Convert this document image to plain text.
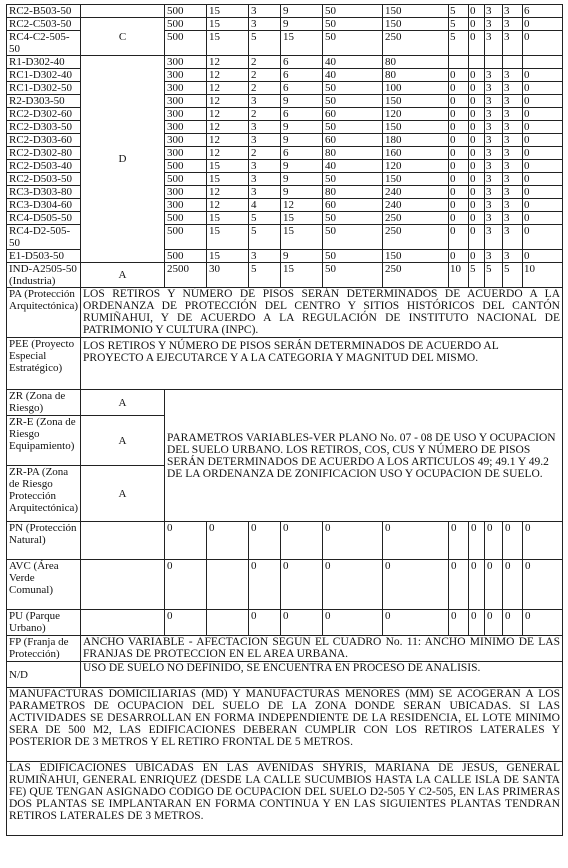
RC2-B503-50		500	15	3	9	50	150	5	0	3	3	6
RC2-C503-50	C	500	15	3	9	50	150	5	0	3	3	0
RC4-C2-505-50		500	15	5	15	50	250	5	0	3	3	0
R1-D302-40	D	300	12	2	6	40	80					
RC1-D302-40		300	12	2	6	40	80	0	0	3	3	0
RC1-D302-50		300	12	2	6	50	100	0	0	3	3	0
R2-D303-50		300	12	3	9	50	150	0	0	3	3	0
RC2-D302-60		300	12	2	6	60	120	0	0	3	3	0
RC2-D303-50		300	12	3	9	50	150	0	0	3	3	0
RC2-D303-60		300	12	3	9	60	180	0	0	3	3	0
RC2-D302-80		300	12	2	6	80	160	0	0	3	3	0
RC2-D503-40		500	15	3	9	40	120	0	0	3	3	0
RC2-D503-50		500	15	3	9	50	150	0	0	3	3	0
RC3-D303-80		300	12	3	9	80	240	0	0	3	3	0
RC3-D304-60		300	12	4	12	60	240	0	0	3	3	0
RC4-D505-50		500	15	5	15	50	250	0	0	3	3	0
RC4-D2-505-50		500	15	5	15	50	250	0	0	3	3	0
E1-D503-50		500	15	3	9	50	150	0	0	3	3	0
IND-A2505-50 (Industria)	A	2500	30	5	15	50	250	10	5	5	5	10
PA (Protección Arquitectónica)	LOS RETIROS Y NÚMERO DE PISOS SERÁN DETERMINADOS DE ACUERDO A LA ORDENANZA DE PROTECCIÓN DEL CENTRO Y SITIOS HISTÓRICOS DEL CANTÓN RUMIÑAHUI, Y DE ACUERDO A LA REGULACIÓN DE INSTITUTO NACIONAL DE PATRIMONIO Y CULTURA (INPC).											
PEE (Proyecto Especial Estratégico)	LOS RETIROS Y NÚMERO DE PISOS SERÁN DETERMINADOS DE ACUERDO AL PROYECTO A EJECUTARCE Y A LA CATEGORIA Y MAGNITUD DEL MISMO.											
ZR (Zona de Riesgo)	A	PARAMETROS VARIABLES-VER PLANO No. 07 - 08 DE USO Y OCUPACION DEL SUELO URBANO. LOS RETIROS, COS, CUS Y NÚMERO DE PISOS SERÁN DETERMINADOS DE ACUERDO A LOS ARTICULOS 49; 49.1 Y 49.2 DE LA ORDENANZA DE ZONIFICACION USO Y OCUPACION DE SUELO.										
ZR-E (Zona de Riesgo Equipamiento)	A											
ZR-PA (Zona de Riesgo Protección Arquitectónica)	A											
PN (Protección Natural)		0	0	0	0	0	0	0	0	0	0	0
AVC (Área Verde Comunal)		0		0	0	0	0	0	0	0	0	0
PU (Parque Urbano)		0		0	0	0	0	0	0	0	0	0
FP (Franja de Protección)	ANCHO VARIABLE - AFECTACION SEGÚN EL CUADRO No. 11: ANCHO MINIMO DE LAS FRANJAS DE PROTECCION EN EL AREA URBANA.											
N/D	USO DE SUELO NO DEFINIDO, SE ENCUENTRA EN PROCESO DE ANALISIS.											
MANUFACTURAS DOMICILIARIAS (MD) Y MANUFACTURAS MENORES (MM) SE ACOGERAN A LOS PARAMETROS DE OCUPACION DEL SUELO DE LA ZONA DONDE SERAN UBICADAS. SI LAS ACTIVIDADES SE DESARROLLAN EN FORMA INDEPENDIENTE DE LA RESIDENCIA, EL LOTE MINIMO SERA DE 500 M2, LAS EDIFICACIONES DEBERAN CUMPLIR CON LOS RETIROS LATERALES Y POSTERIOR DE 3 METROS Y EL RETIRO FRONTAL DE 5 METROS.												
LAS EDIFICACIONES UBICADAS EN LAS AVENIDAS SHYRIS, MARIANA DE JESUS, GENERAL RUMIÑAHUI, GENERAL ENRIQUEZ (DESDE LA CALLE SUCUMBIOS HASTA LA CALLE ISLA DE SANTA FE) QUE TENGAN ASIGNADO CODIGO DE OCUPACION DEL SUELO D2-505 Y C2-505, EN LAS PRIMERAS DOS PLANTAS SE IMPLANTARAN EN FORMA CONTINUA Y EN LAS SIGUIENTES PLANTAS TENDRAN RETIROS LATERALES DE 3 METROS.												
